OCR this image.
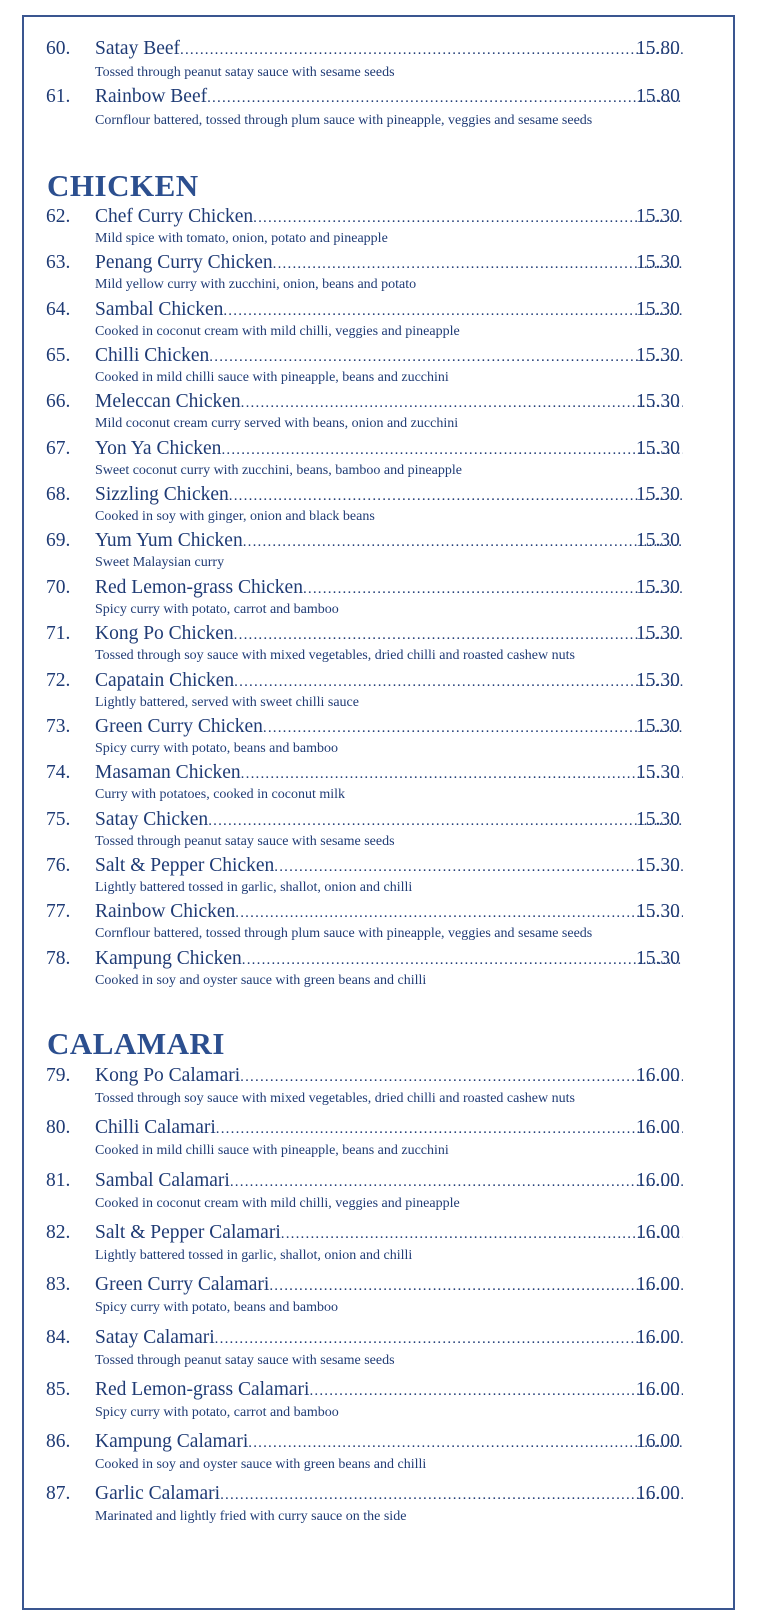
60.	Satay Beef .....	15.80
Tossed through peanut satay sauce with sesame seeds
61.	Rainbow Beef .....	15.80
Cornflour battered, tossed through plum sauce with pineapple, veggies and sesame seeds
CHICKEN
62.	Chef Curry Chicken .....	15.30
Mild spice with tomato, onion, potato and pineapple
63.	Penang Curry Chicken .....	15.30
Mild yellow curry with zucchini, onion, beans and potato
64.	Sambal Chicken .....	15.30
Cooked in coconut cream with mild chilli, veggies and pineapple
65.	Chilli Chicken .....	15.30
Cooked in mild chilli sauce with pineapple, beans and zucchini
66.	Meleccan Chicken .....	15.30
Mild coconut cream curry served with beans, onion and zucchini
67.	Yon Ya Chicken .....	15.30
Sweet coconut curry with zucchini, beans, bamboo and pineapple
68.	Sizzling Chicken .....	15.30
Cooked in soy with ginger, onion and black beans
69.	Yum Yum Chicken .....	15.30
Sweet Malaysian curry
70.	Red Lemon-grass Chicken .....	15.30
Spicy curry with potato, carrot and bamboo
71.	Kong Po Chicken .....	15.30
Tossed through soy sauce with mixed vegetables, dried chilli and roasted cashew nuts
72.	Capatain Chicken .....	15.30
Lightly battered, served with sweet chilli sauce
73.	Green Curry Chicken .....	15.30
Spicy curry with potato, beans and bamboo
74.	Masaman Chicken .....	15.30
Curry with potatoes, cooked in coconut milk
75.	Satay Chicken .....	15.30
Tossed through peanut satay sauce with sesame seeds
76.	Salt & Pepper Chicken .....	15.30
Lightly battered tossed in garlic, shallot, onion and chilli
77.	Rainbow Chicken .....	15.30
Cornflour battered, tossed through plum sauce with pineapple, veggies and sesame seeds
78.	Kampung Chicken .....	15.30
Cooked in soy and oyster sauce with green beans and chilli
CALAMARI
79.	Kong Po Calamari .....	16.00
Tossed through soy sauce with mixed vegetables, dried chilli and roasted cashew nuts
80.	Chilli Calamari .....	16.00
Cooked in mild chilli sauce with pineapple, beans and zucchini
81.	Sambal Calamari .....	16.00
Cooked in coconut cream with mild chilli, veggies and pineapple
82.	Salt & Pepper Calamari .....	16.00
Lightly battered tossed in garlic, shallot, onion and chilli
83.	Green Curry Calamari .....	16.00
Spicy curry with potato, beans and bamboo
84.	Satay Calamari .....	16.00
Tossed through peanut satay sauce with sesame seeds
85.	Red Lemon-grass Calamari .....	16.00
Spicy curry with potato, carrot and bamboo
86.	Kampung Calamari .....	16.00
Cooked in soy and oyster sauce with green beans and chilli
87.	Garlic Calamari .....	16.00
Marinated and lightly fried with curry sauce on the side
